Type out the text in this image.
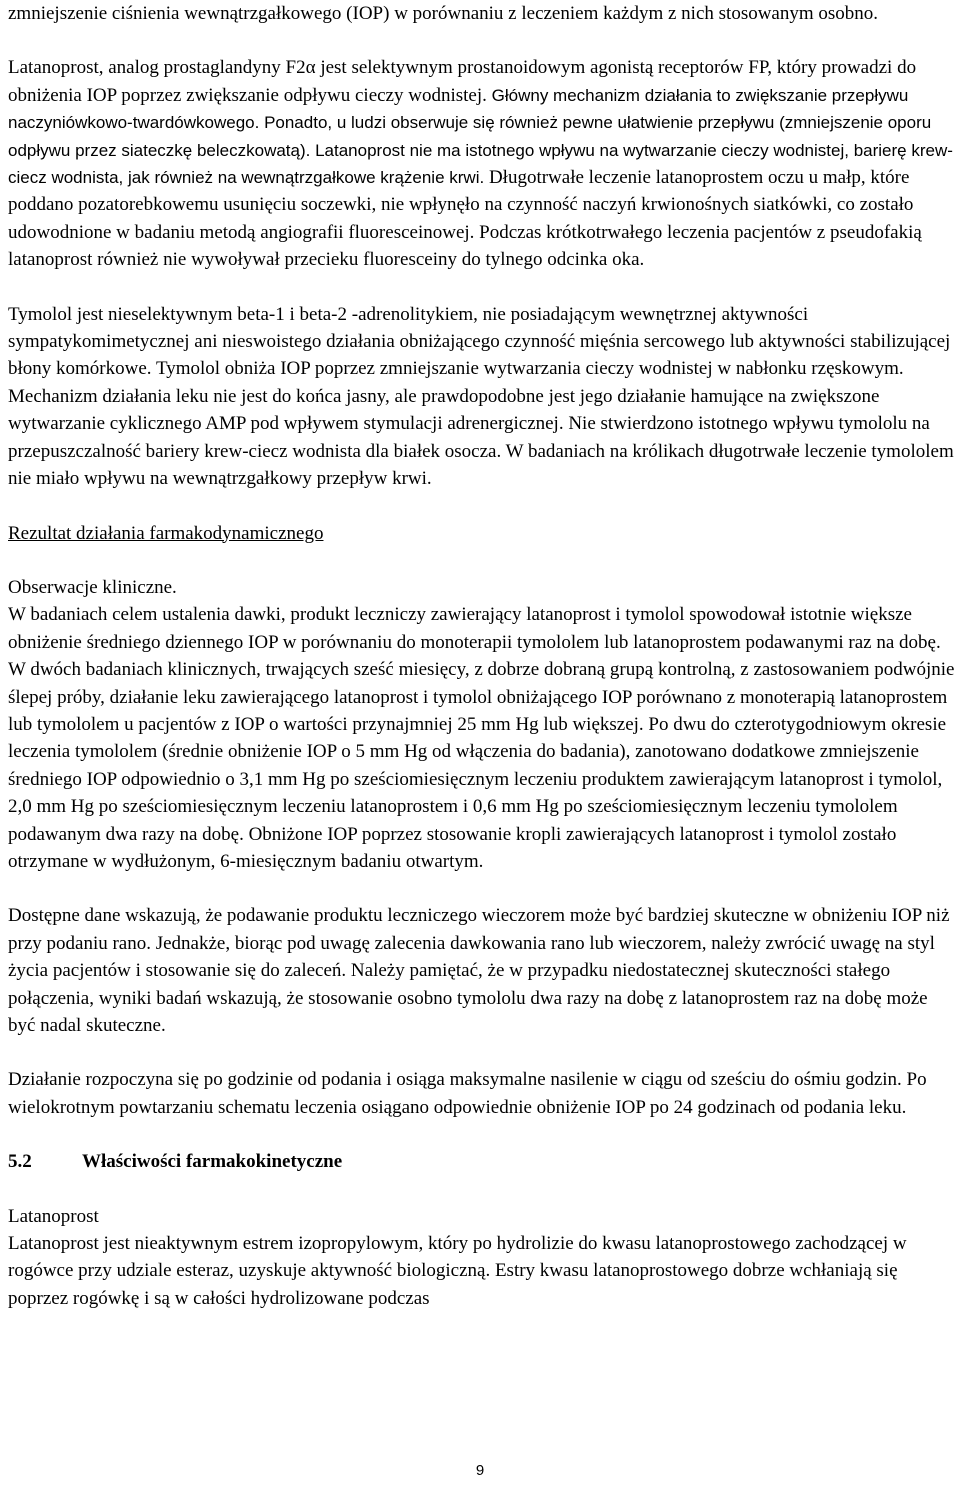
zmniejszenie ciśnienia wewnątrzgałkowego (IOP) w porównaniu z leczeniem każdym z nich stosowanym osobno.

Latanoprost, analog prostaglandyny F2α jest selektywnym prostanoidowym agonistą receptorów FP, który prowadzi do obniżenia IOP poprzez zwiększanie odpływu cieczy wodnistej. Główny mechanizm działania to zwiększanie przepływu naczyniówkowo-twardówkowego. Ponadto, u ludzi obserwuje się również pewne ułatwienie przepływu (zmniejszenie oporu odpływu przez siateczkę beleczkowatą). Latanoprost nie ma istotnego wpływu na wytwarzanie cieczy wodnistej, barierę krew-ciecz wodnista, jak również na wewnątrzgałkowe krążenie krwi. Długotrwałe leczenie latanoprostem oczu u małp, które poddano pozatorebkowemu usunięciu soczewki, nie wpłynęło na czynność naczyń krwionośnych siatkówki, co zostało udowodnione w badaniu metodą angiografii fluoresceinowej. Podczas krótkotrwałego leczenia pacjentów z pseudofakią latanoprost również nie wywoływał przecieku fluoresceiny do tylnego odcinka oka.

Tymolol jest nieselektywnym beta-1 i beta-2 -adrenolitykiem, nie posiadającym wewnętrznej aktywności sympatykomimetycznej ani nieswoistego działania obniżającego czynność mięśnia sercowego lub aktywności stabilizującej błony komórkowe. Tymolol obniża IOP poprzez zmniejszanie wytwarzania cieczy wodnistej w nabłonku rzęskowym. Mechanizm działania leku nie jest do końca jasny, ale prawdopodobne jest jego działanie hamujące na zwiększone wytwarzanie cyklicznego AMP pod wpływem stymulacji adrenergicznej. Nie stwierdzono istotnego wpływu tymololu na przepuszczalność bariery krew-ciecz wodnista dla białek osocza. W badaniach na królikach długotrwałe leczenie tymololem nie miało wpływu na wewnątrzgałkowy przepływ krwi.

Rezultat działania farmakodynamicznego

Obserwacje kliniczne.

W badaniach celem ustalenia dawki, produkt leczniczy zawierający latanoprost i tymolol spowodował istotnie większe obniżenie średniego dziennego IOP w porównaniu do monoterapii tymololem lub latanoprostem podawanymi raz na dobę. W dwóch badaniach klinicznych, trwających sześć miesięcy, z dobrze dobraną grupą kontrolną, z zastosowaniem podwójnie ślepej próby, działanie leku zawierającego latanoprost i tymolol obniżającego IOP porównano z monoterapią latanoprostem lub tymololem u pacjentów z IOP o wartości przynajmniej 25 mm Hg lub większej. Po dwu do czterotygodniowym okresie leczenia tymololem (średnie obniżenie IOP o 5 mm Hg od włączenia do badania), zanotowano dodatkowe zmniejszenie średniego IOP odpowiednio o 3,1 mm Hg po sześciomiesięcznym leczeniu produktem zawierającym latanoprost i tymolol, 2,0 mm Hg po sześciomiesięcznym leczeniu latanoprostem i 0,6 mm Hg po sześciomiesięcznym leczeniu tymololem podawanym dwa razy na dobę. Obniżone IOP poprzez stosowanie kropli zawierających latanoprost i tymolol zostało otrzymane w wydłużonym, 6-miesięcznym badaniu otwartym.

Dostępne dane wskazują, że podawanie produktu leczniczego wieczorem może być bardziej skuteczne w obniżeniu IOP niż przy podaniu rano. Jednakże, biorąc pod uwagę zalecenia dawkowania rano lub wieczorem, należy zwrócić uwagę na styl życia pacjentów i stosowanie się do zaleceń. Należy pamiętać, że w przypadku niedostatecznej skuteczności stałego połączenia, wyniki badań wskazują, że stosowanie osobno tymololu dwa razy na dobę z latanoprostem raz na dobę może być nadal skuteczne.

Działanie rozpoczyna się po godzinie od podania i osiąga maksymalne nasilenie w ciągu od sześciu do ośmiu godzin. Po wielokrotnym powtarzaniu schematu leczenia osiągano odpowiednie obniżenie IOP po 24 godzinach od podania leku.

5.2	Właściwości farmakokinetyczne

Latanoprost

Latanoprost jest nieaktywnym estrem izopropylowym, który po hydrolizie do kwasu latanoprostowego zachodzącej w rogówce przy udziale esteraz, uzyskuje aktywność biologiczną. Estry kwasu latanoprostowego dobrze wchłaniają się poprzez rogówkę i są w całości hydrolizowane podczas

9
